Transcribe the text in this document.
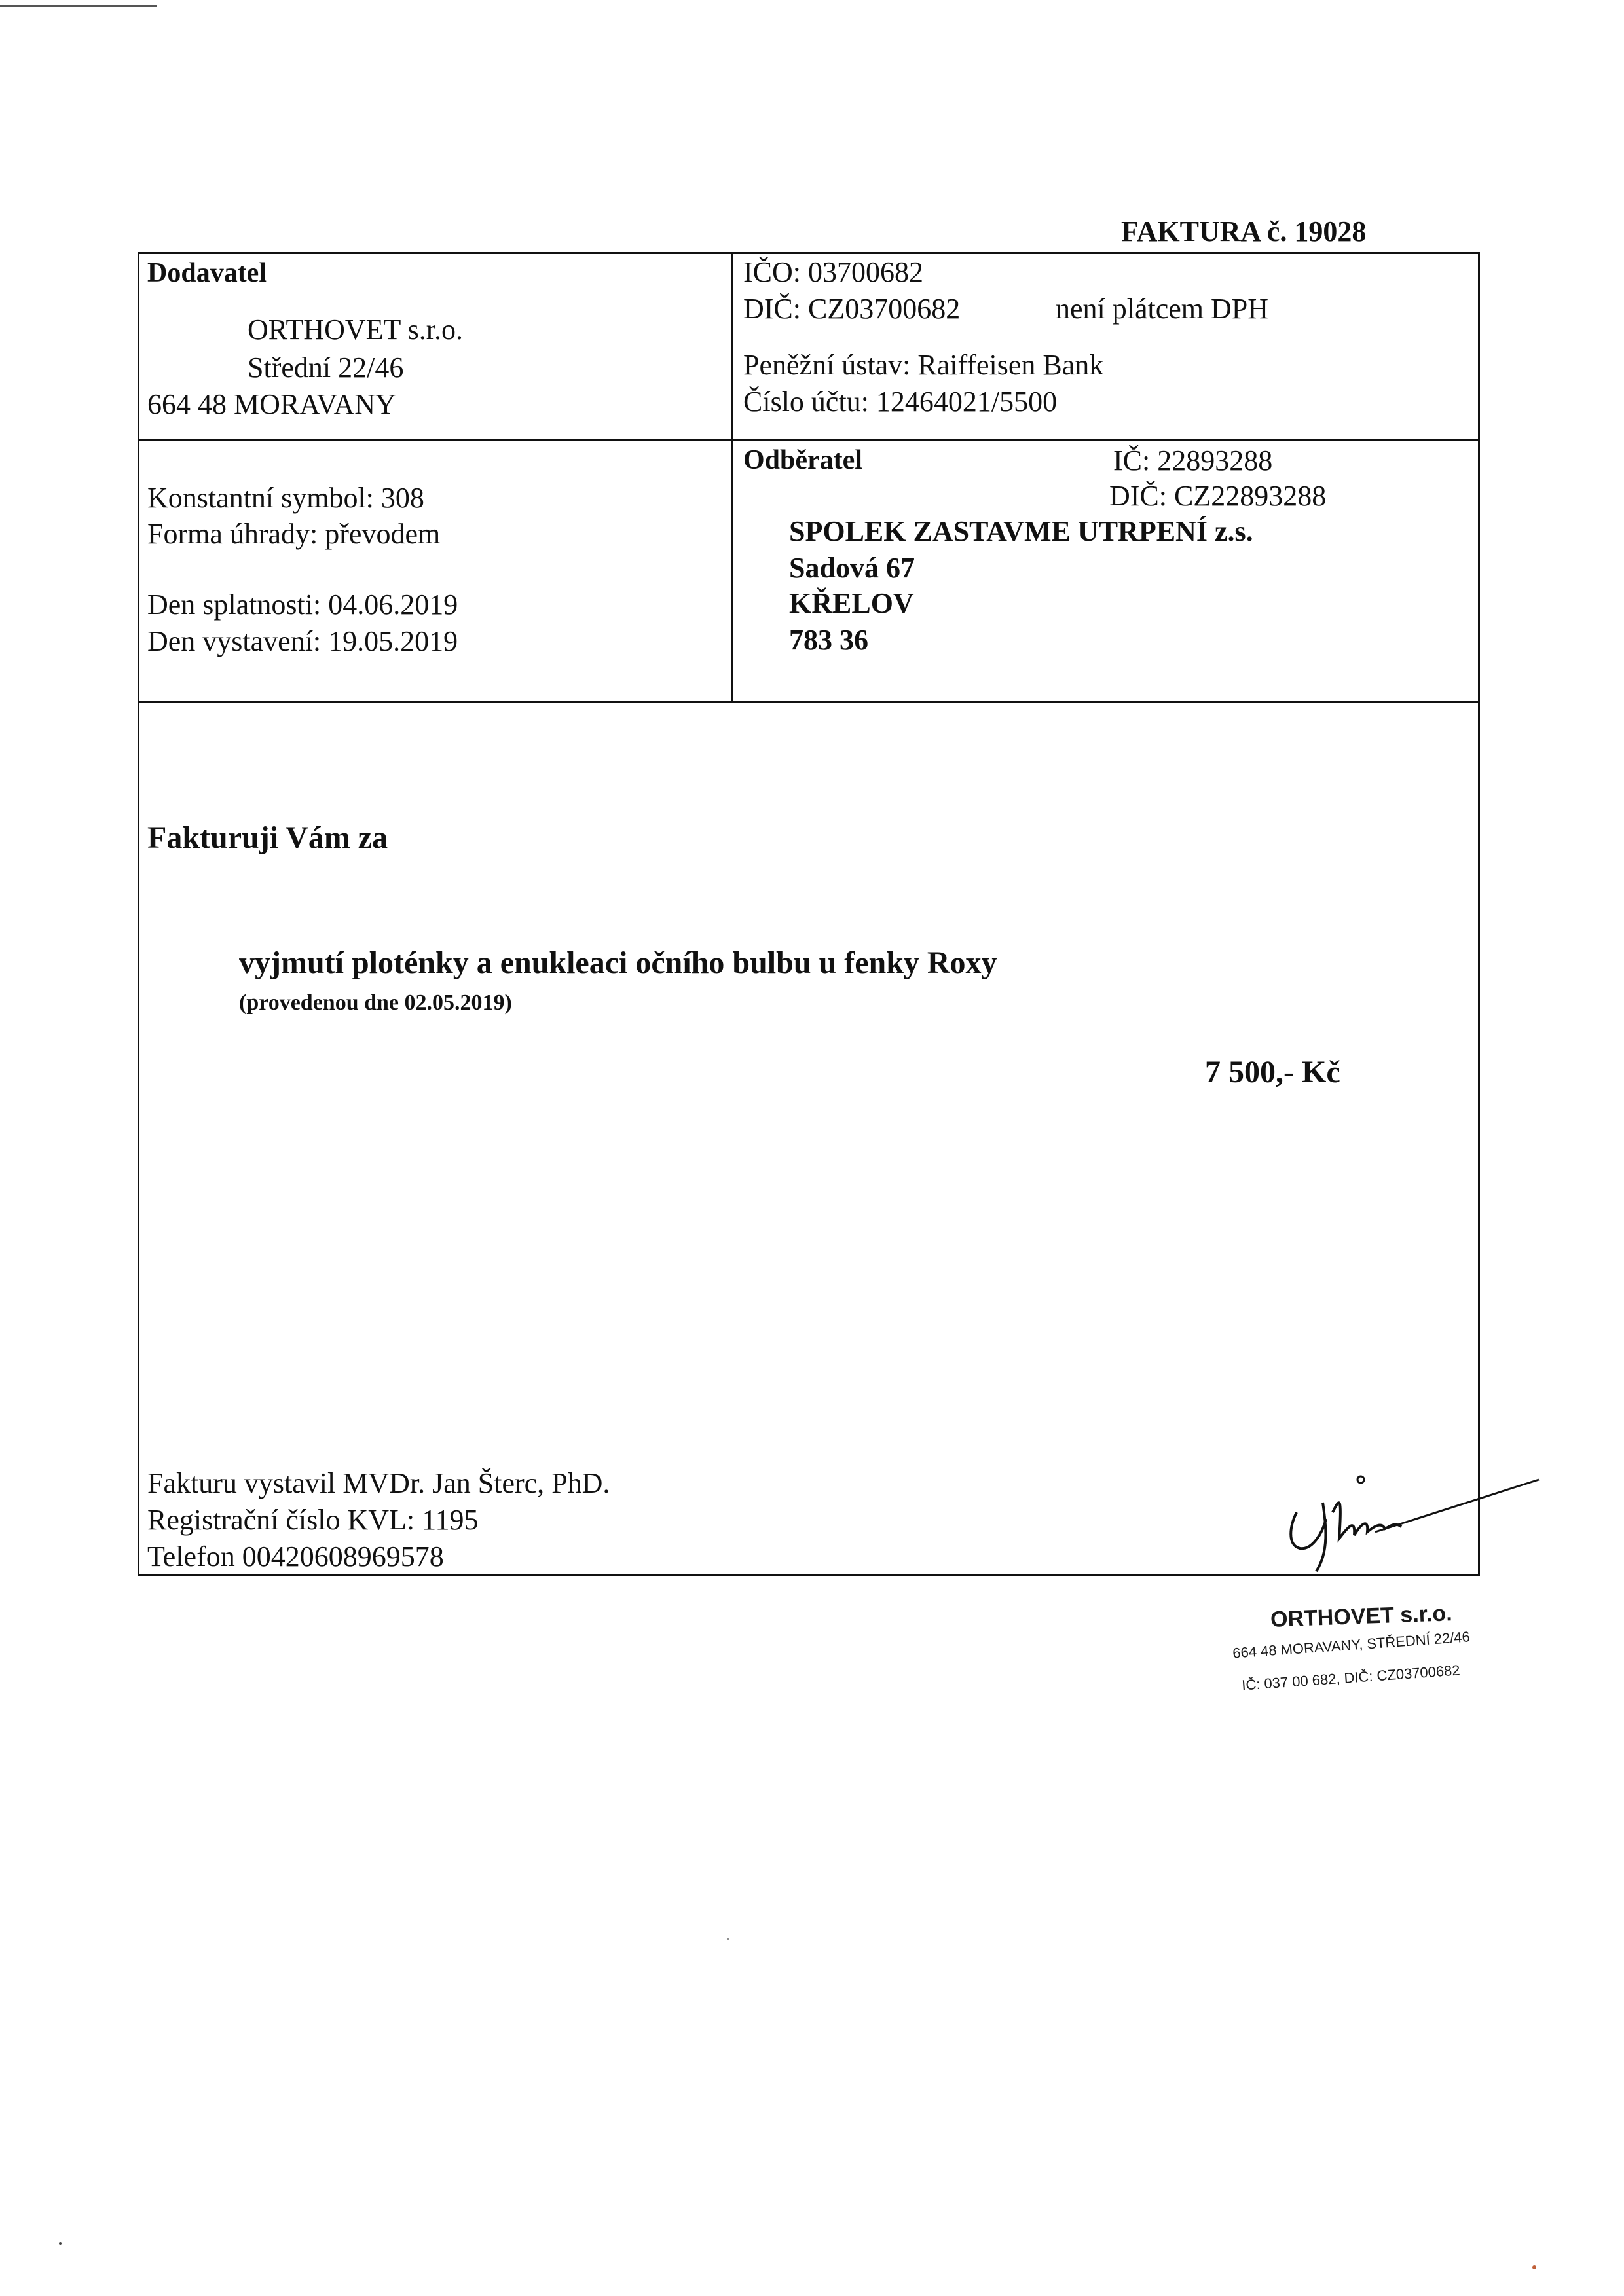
FAKTURA č. 19028
Dodavatel
ORTHOVET s.r.o.
Střední 22/46
664 48 MORAVANY
IČO: 03700682
DIČ: CZ03700682	není plátcem DPH
Peněžní ústav: Raiffeisen Bank
Číslo účtu: 12464021/5500
Konstantní symbol: 308
Forma úhrady: převodem
Den splatnosti: 04.06.2019
Den vystavení: 19.05.2019
Odběratel	IČ: 22893288
DIČ: CZ22893288
SPOLEK ZASTAVME UTRPENÍ z.s.
Sadová 67
KŘELOV
783 36
Fakturuji Vám za
vyjmutí ploténky a enukleaci očního bulbu u fenky Roxy
(provedenou dne 02.05.2019)
7 500,- Kč
Fakturu vystavil MVDr. Jan Šterc, PhD.
Registrační číslo KVL: 1195
Telefon 00420608969578
ORTHOVET s.r.o.
664 48 MORAVANY, STŘEDNÍ 22/46
IČ: 037 00 682, DIČ: CZ03700682
